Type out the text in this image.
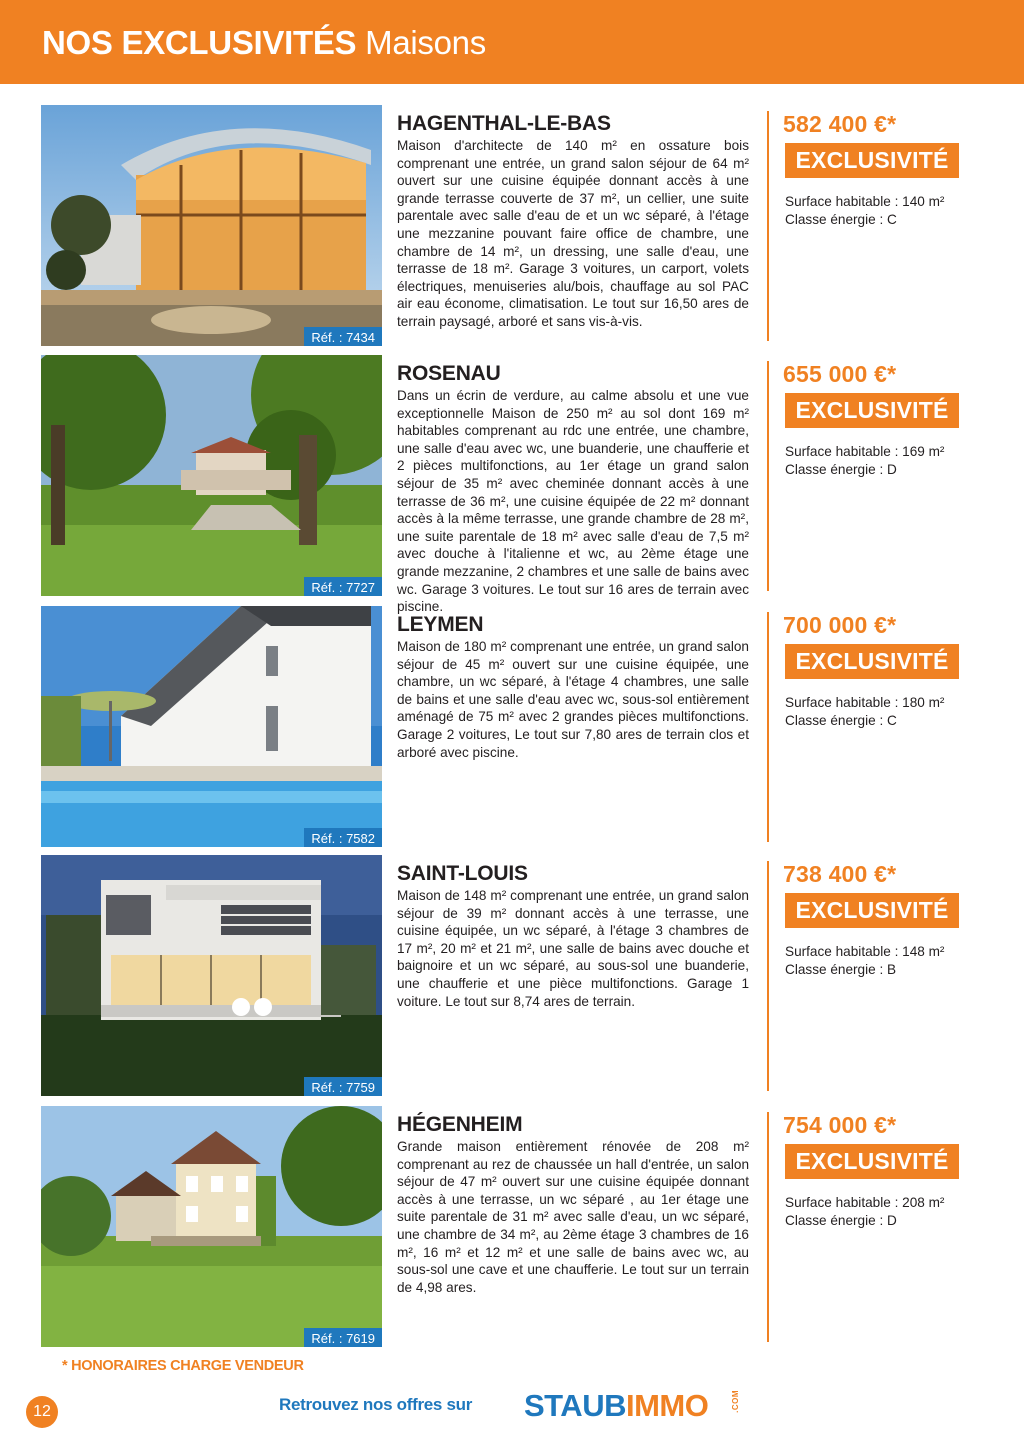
NOS EXCLUSIVITÉS Maisons
Réf. : 7434
HAGENTHAL-LE-BAS
Maison d'architecte de 140 m² en ossature bois comprenant une entrée, un grand salon séjour de 64 m² ouvert sur une cuisine équipée donnant accès à une grande terrasse couverte de 37 m², un cellier, une suite parentale avec salle d'eau de et un wc séparé, à l'étage une mezzanine pouvant faire office de chambre, une chambre de 14 m², un dressing, une salle d'eau, une terrasse de 18 m². Garage 3 voitures, un carport, volets électriques, menuiseries alu/bois, chauffage au sol PAC air eau économe, climatisation. Le tout sur 16,50 ares de terrain paysagé, arboré et sans vis-à-vis.
582 400 €*
EXCLUSIVITÉ
Surface habitable : 140 m²
Classe énergie : C
Réf. : 7727
ROSENAU
Dans un écrin de verdure, au calme absolu et une vue exceptionnelle Maison de 250 m² au sol dont 169 m² habitables comprenant au rdc une entrée, une chambre, une salle d'eau avec wc, une buanderie, une chaufferie et 2 pièces multifonctions, au 1er étage un grand salon séjour de 35 m² avec cheminée donnant accès à une terrasse de 36 m², une cuisine équipée de 22 m² donnant accès à la même terrasse, une grande chambre de 28 m², une suite parentale de 18 m² avec salle d'eau de 7,5 m² avec douche à l'italienne et wc, au 2ème étage une grande mezzanine, 2 chambres et une salle de bains avec wc. Garage 3 voitures. Le tout sur 16 ares de terrain avec piscine.
655 000 €*
EXCLUSIVITÉ
Surface habitable : 169 m²
Classe énergie : D
Réf. : 7582
LEYMEN
Maison de 180 m² comprenant une entrée, un grand salon séjour de 45 m² ouvert sur une cuisine équipée, une chambre, un wc séparé, à l'étage 4 chambres, une salle de bains et une salle d'eau avec wc, sous-sol entièrement aménagé de 75 m² avec 2 grandes pièces multifonctions. Garage 2 voitures, Le tout sur 7,80 ares de terrain clos et arboré avec piscine.
700 000 €*
EXCLUSIVITÉ
Surface habitable : 180 m²
Classe énergie : C
Réf. : 7759
SAINT-LOUIS
Maison de 148 m² comprenant une entrée, un grand salon séjour de 39 m² donnant accès à une terrasse, une cuisine équipée, un wc séparé, à l'étage 3 chambres de 17 m², 20 m² et 21 m², une salle de bains avec douche et baignoire et un wc séparé, au sous-sol une buanderie, une chaufferie et une pièce multifonctions. Garage 1 voiture. Le tout sur 8,74 ares de terrain.
738 400 €*
EXCLUSIVITÉ
Surface habitable : 148 m²
Classe énergie : B
Réf. : 7619
HÉGENHEIM
Grande maison entièrement rénovée de 208 m² comprenant au rez de chaussée un hall d'entrée, un salon séjour de 47 m² ouvert sur une cuisine équipée donnant accès à une terrasse, un wc séparé , au 1er étage une suite parentale de 31 m² avec salle d'eau, un wc séparé, une chambre de 34 m², au 2ème étage 3 chambres de 16 m², 16 m² et 12 m² et une salle de bains avec wc, au sous-sol une cave et une chaufferie. Le tout sur un terrain de 4,98 ares.
754 000 €*
EXCLUSIVITÉ
Surface habitable : 208 m²
Classe énergie : D
* HONORAIRES CHARGE VENDEUR
12	Retrouvez nos offres sur STAUBIMMO	.COM
